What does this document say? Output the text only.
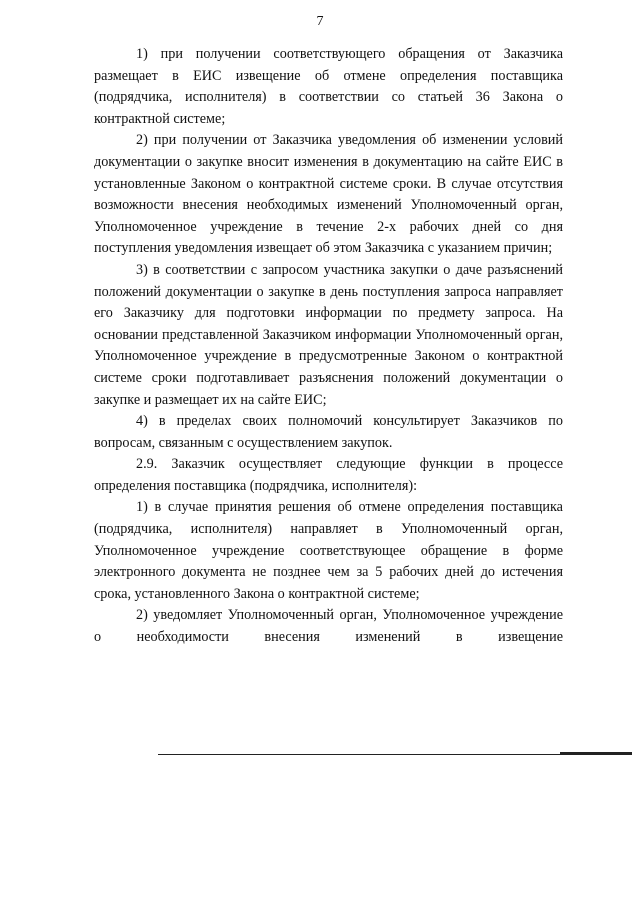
7

1) при получении соответствующего обращения от Заказчика размещает в ЕИС извещение об отмене определения поставщика (подрядчика, исполнителя) в соответствии со статьей 36 Закона о контрактной системе;

2) при получении от Заказчика уведомления об изменении условий документации о закупке вносит изменения в документацию на сайте ЕИС в установленные Законом о контрактной системе сроки. В случае отсутствия возможности внесения необходимых изменений Уполномоченный орган, Уполномоченное учреждение в течение 2-х рабочих дней со дня поступления уведомления извещает об этом Заказчика с указанием причин;

3) в соответствии с запросом участника закупки о даче разъяснений положений документации о закупке в день поступления запроса направляет его Заказчику для подготовки информации по предмету запроса. На основании представленной Заказчиком информации Уполномоченный орган, Уполномоченное учреждение в предусмотренные Законом о контрактной системе сроки подготавливает разъяснения положений документации о закупке и размещает их на сайте ЕИС;

4) в пределах своих полномочий консультирует Заказчиков по вопросам, связанным с осуществлением закупок.

2.9. Заказчик осуществляет следующие функции в процессе определения поставщика (подрядчика, исполнителя):

1) в случае принятия решения об отмене определения поставщика (подрядчика, исполнителя) направляет в Уполномоченный орган, Уполномоченное учреждение соответствующее обращение в форме электронного документа не позднее чем за 5 рабочих дней до истечения срока, установленного Закона о контрактной системе;

2) уведомляет Уполномоченный орган, Уполномоченное учреждение о необходимости внесения изменений в извещение
